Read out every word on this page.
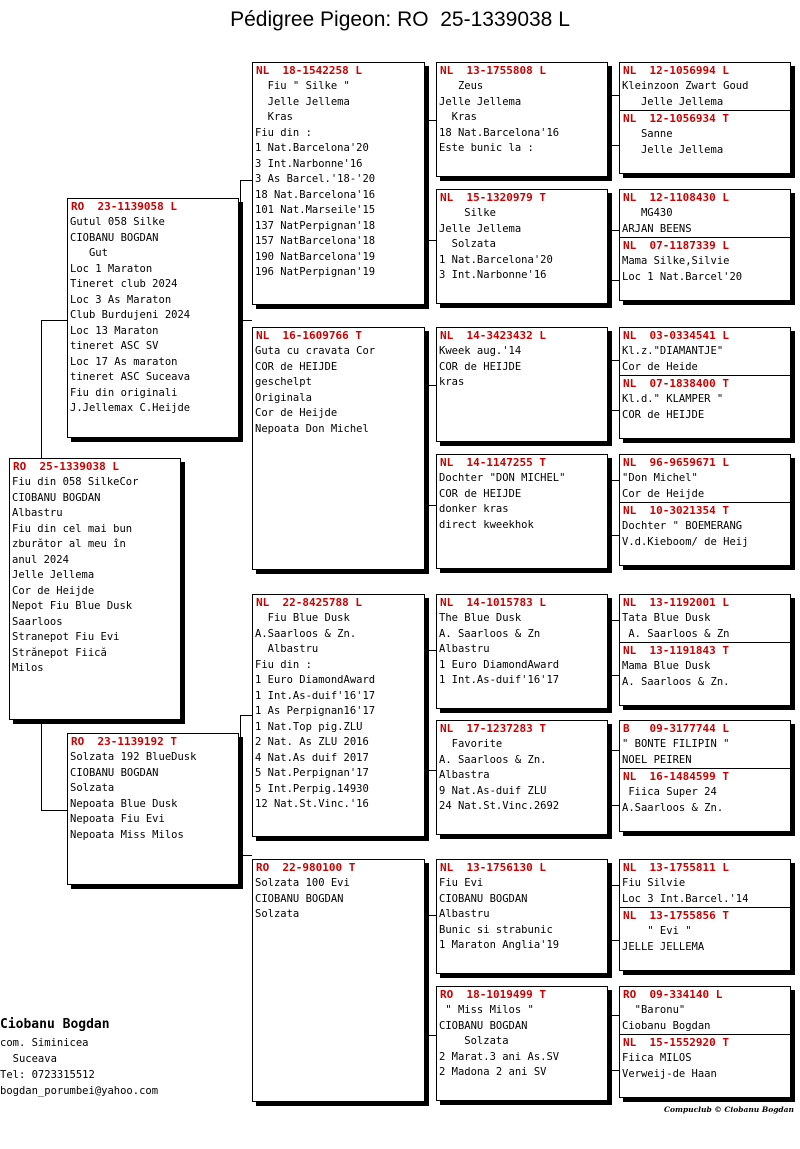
Pédigree Pigeon: RO  25-1339038 L
RO  25-1339038 L
Fiu din 058 SilkeCor
CIOBANU BOGDAN
Albastru
Fiu din cel mai bun
zburător al meu în
anul 2024
Jelle Jellema
Cor de Heijde
Nepot Fiu Blue Dusk
Saarloos
Stranepot Fiu Evi
Strănepot Fiică
Milos
RO  23-1139058 L
Gutul 058 Silke
CIOBANU BOGDAN
Gut
Loc 1 Maraton
Tineret club 2024
Loc 3 As Maraton
Club Burdujeni 2024
Loc 13 Maraton
tineret ASC SV
Loc 17 As maraton
tineret ASC Suceava
Fiu din originali
J.Jellemax C.Heijde
RO  23-1139192 T
Solzata 192 BlueDusk
CIOBANU BOGDAN
Solzata
Nepoata Blue Dusk
Nepoata Fiu Evi
Nepoata Miss Milos
NL  18-1542258 L
Fiu " Silke "
Jelle Jellema
Kras
Fiu din :
1 Nat.Barcelona'20
3 Int.Narbonne'16
3 As Barcel.'18-'20
18 Nat.Barcelona'16
101 Nat.Marseile'15
137 NatPerpignan'18
157 NatBarcelona'18
190 NatBarcelona'19
196 NatPerpignan'19
NL  16-1609766 T
Guta cu cravata Cor
COR de HEIJDE
geschelpt
Originala
Cor de Heijde
Nepoata Don Michel
NL  22-8425788 L
Fiu Blue Dusk
A.Saarloos & Zn.
Albastru
Fiu din :
1 Euro DiamondAward
1 Int.As-duif'16'17
1 As Perpignan16'17
1 Nat.Top pig.ZLU
2 Nat. As ZLU 2016
4 Nat.As duif 2017
5 Nat.Perpignan'17
5 Int.Perpig.14930
12 Nat.St.Vinc.'16
RO  22-980100 T
Solzata 100 Evi
CIOBANU BOGDAN
Solzata
NL  13-1755808 L
Zeus
Jelle Jellema
Kras
18 Nat.Barcelona'16
Este bunic la :
NL  15-1320979 T
Silke
Jelle Jellema
Solzata
1 Nat.Barcelona'20
3 Int.Narbonne'16
NL  14-3423432 L
Kweek aug.'14
COR de HEIJDE
kras
NL  14-1147255 T
Dochter "DON MICHEL"
COR de HEIJDE
donker kras
direct kweekhok
NL  14-1015783 L
The Blue Dusk
A. Saarloos & Zn
Albastru
1 Euro DiamondAward
1 Int.As-duif'16'17
NL  17-1237283 T
Favorite
A. Saarloos & Zn.
Albastra
9 Nat.As-duif ZLU
24 Nat.St.Vinc.2692
NL  13-1756130 L
Fiu Evi
CIOBANU BOGDAN
Albastru
Bunic si strabunic
1 Maraton Anglia'19
RO  18-1019499 T
" Miss Milos "
CIOBANU BOGDAN
Solzata
2 Marat.3 ani As.SV
2 Madona 2 ani SV
NL  12-1056994 L
Kleinzoon Zwart Goud
Jelle Jellema
NL  12-1056934 T
Sanne
Jelle Jellema
NL  12-1108430 L
MG430
ARJAN BEENS
NL  07-1187339 L
Mama Silke,Silvie
Loc 1 Nat.Barcel'20
NL  03-0334541 L
Kl.z."DIAMANTJE"
Cor de Heide
NL  07-1838400 T
Kl.d." KLAMPER "
COR de HEIJDE
NL  96-9659671 L
"Don Michel"
Cor de Heijde
NL  10-3021354 T
Dochter " BOEMERANG
V.d.Kieboom/ de Heij
NL  13-1192001 L
Tata Blue Dusk
A. Saarloos & Zn
NL  13-1191843 T
Mama Blue Dusk
A. Saarloos & Zn.
B   09-3177744 L
" BONTE FILIPIN "
NOEL PEIREN
NL  16-1484599 T
Fiica Super 24
A.Saarloos & Zn.
NL  13-1755811 L
Fiu Silvie
Loc 3 Int.Barcel.'14
NL  13-1755856 T
" Evi "
JELLE JELLEMA
RO  09-334140 L
"Baronu"
Ciobanu Bogdan
NL  15-1552920 T
Fiica MILOS
Verweij-de Haan
Ciobanu Bogdan
com. Siminicea
Suceava
Tel: 0723315512
bogdan_porumbei@yahoo.com
Compuclub © Ciobanu Bogdan
